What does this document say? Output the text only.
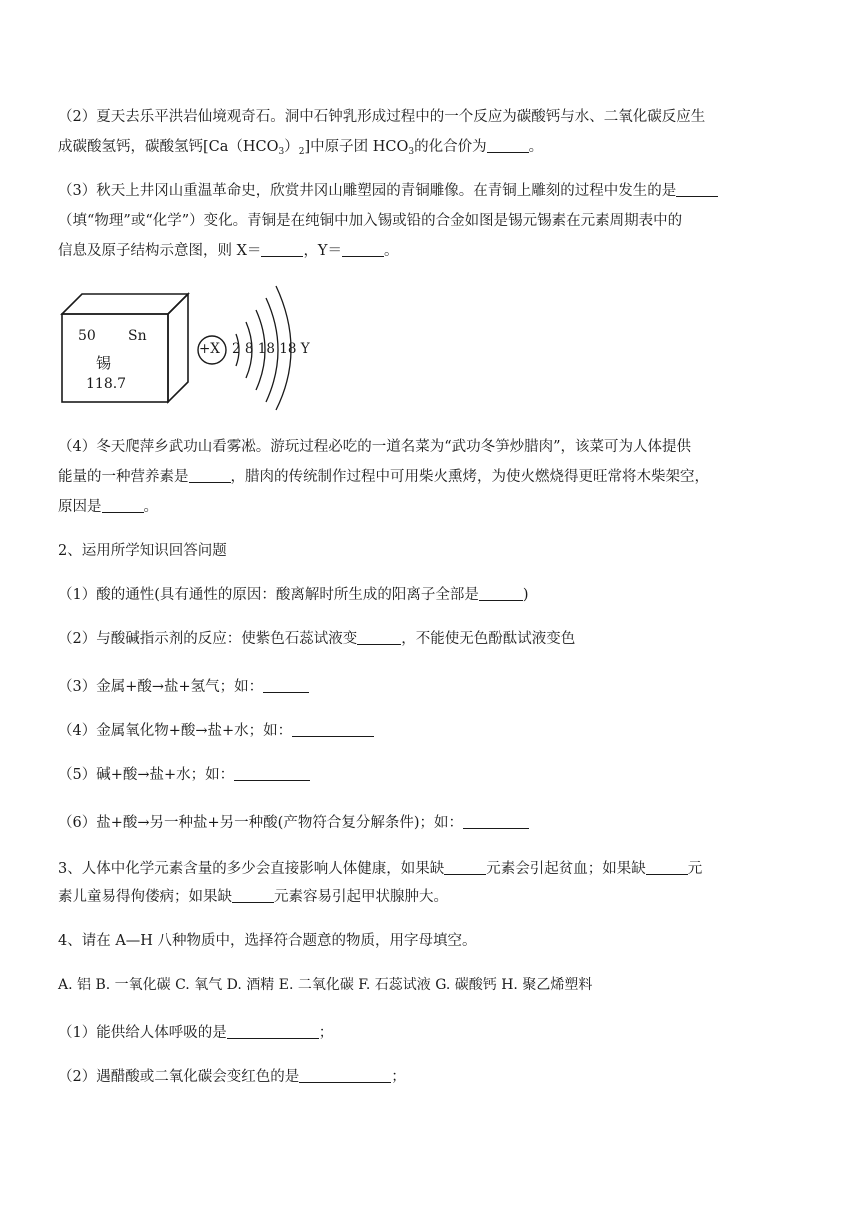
（2）夏天去乐平洪岩仙境观奇石。洞中石钟乳形成过程中的一个反应为碳酸钙与水、二氧化碳反应生

成碳酸氢钙，碳酸氢钙$[Ca(HCO_3)_2]$中原子团 $HCO_3$的化合价为	。

（3）秋天上井冈山重温革命史，欣赏井冈山雕塑园的青铜雕像。在青铜上雕刻的过程中发生的是

（填“物理”或“化学”）变化。青铜是在纯铜中加入锡或铅的合金如图是锡元锡素在元素周期表中的

信息及原子结构示意图，则 X＝	，Y＝	。

50 Sn
锡
118.7
+X 2 8 18 18 Y

（4）冬天爬萍乡武功山看雾凇。游玩过程必吃的一道名菜为“武功冬笋炒腊肉”，该菜可为人体提供

能量的一种营养素是	，腊肉的传统制作过程中可用柴火熏烤，为使火燃烧得更旺常将木柴架空，

原因是	。

2、运用所学知识回答问题

（1）酸的通性(具有通性的原因：酸离解时所生成的阳离子全部是	)

（2）与酸碱指示剂的反应：使紫色石蕊试液变	，不能使无色酚酞试液变色

（3）金属+酸→盐+氢气；如：

（4）金属氧化物+酸→盐+水；如：

（5）碱+酸→盐+水；如：

（6）盐+酸→另一种盐+另一种酸(产物符合复分解条件)；如：

3、人体中化学元素含量的多少会直接影响人体健康，如果缺	元素会引起贫血；如果缺	元

素儿童易得佝偻病；如果缺	元素容易引起甲状腺肿大。

4、请在 A—H 八种物质中，选择符合题意的物质，用字母填空。

A. 铝 B. 一氧化碳 C. 氧气 D. 酒精 E. 二氧化碳 F. 石蕊试液 G. 碳酸钙 H. 聚乙烯塑料

（1）能供给人体呼吸的是	；

（2）遇醋酸或二氧化碳会变红色的是	；
